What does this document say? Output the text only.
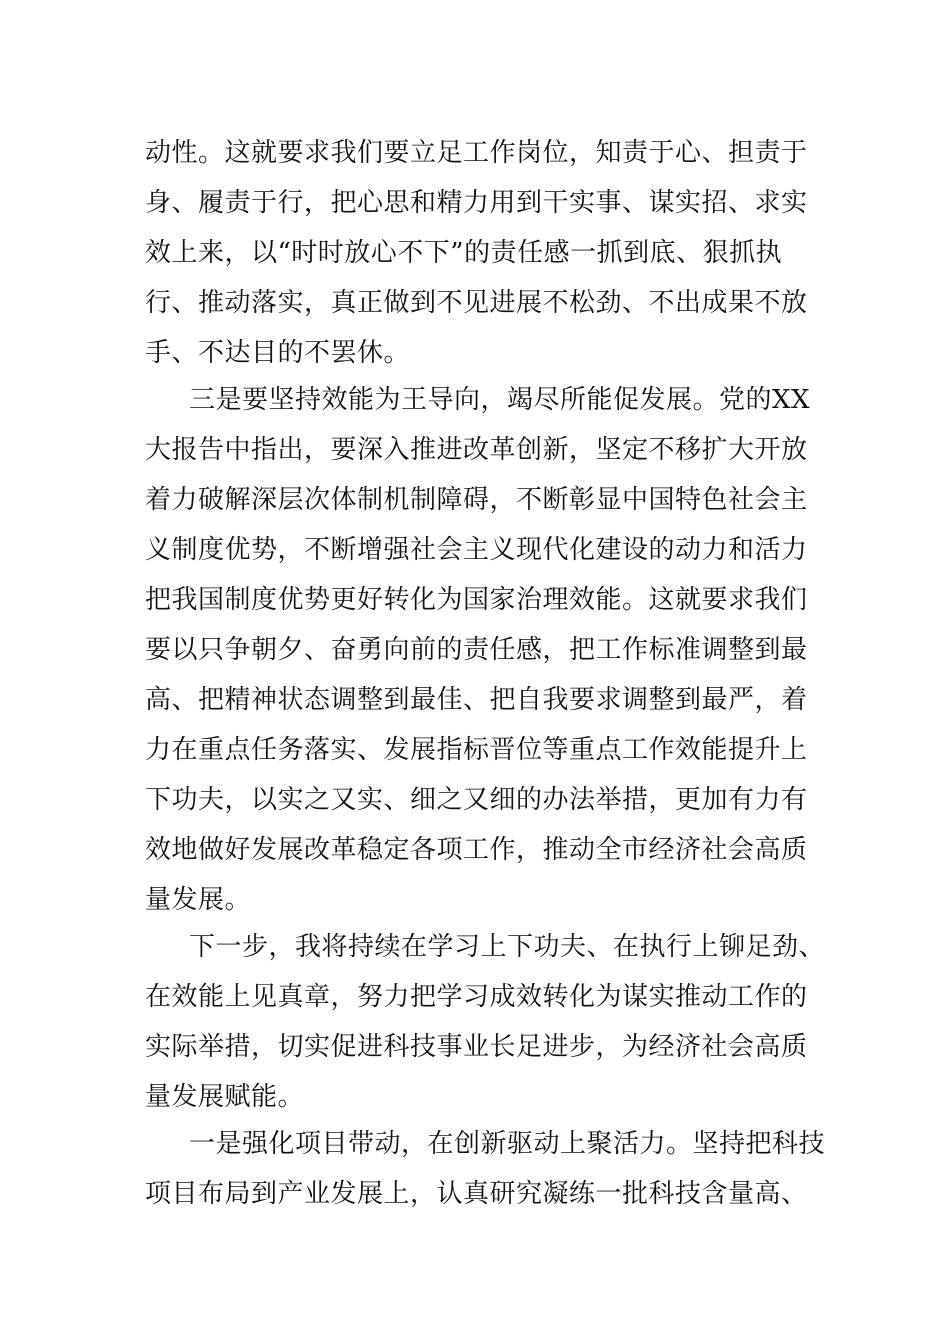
动性。这就要求我们要立足工作岗位，知责于心、担责于
身、履责于行，把心思和精力用到干实事、谋实招、求实
效上来，以“时时放心不下”的责任感一抓到底、狠抓执
行、推动落实，真正做到不见进展不松劲、不出成果不放
手、不达目的不罢休。
三是要坚持效能为王导向，竭尽所能促发展。党的XX
大报告中指出，要深入推进改革创新，坚定不移扩大开放
着力破解深层次体制机制障碍，不断彰显中国特色社会主
义制度优势，不断增强社会主义现代化建设的动力和活力
把我国制度优势更好转化为国家治理效能。这就要求我们
要以只争朝夕、奋勇向前的责任感，把工作标准调整到最
高、把精神状态调整到最佳、把自我要求调整到最严，着
力在重点任务落实、发展指标晋位等重点工作效能提升上
下功夫，以实之又实、细之又细的办法举措，更加有力有
效地做好发展改革稳定各项工作，推动全市经济社会高质
量发展。
下一步，我将持续在学习上下功夫、在执行上铆足劲、
在效能上见真章，努力把学习成效转化为谋实推动工作的
实际举措，切实促进科技事业长足进步，为经济社会高质
量发展赋能。
一是强化项目带动，在创新驱动上聚活力。坚持把科技
项目布局到产业发展上，认真研究凝练一批科技含量高、
